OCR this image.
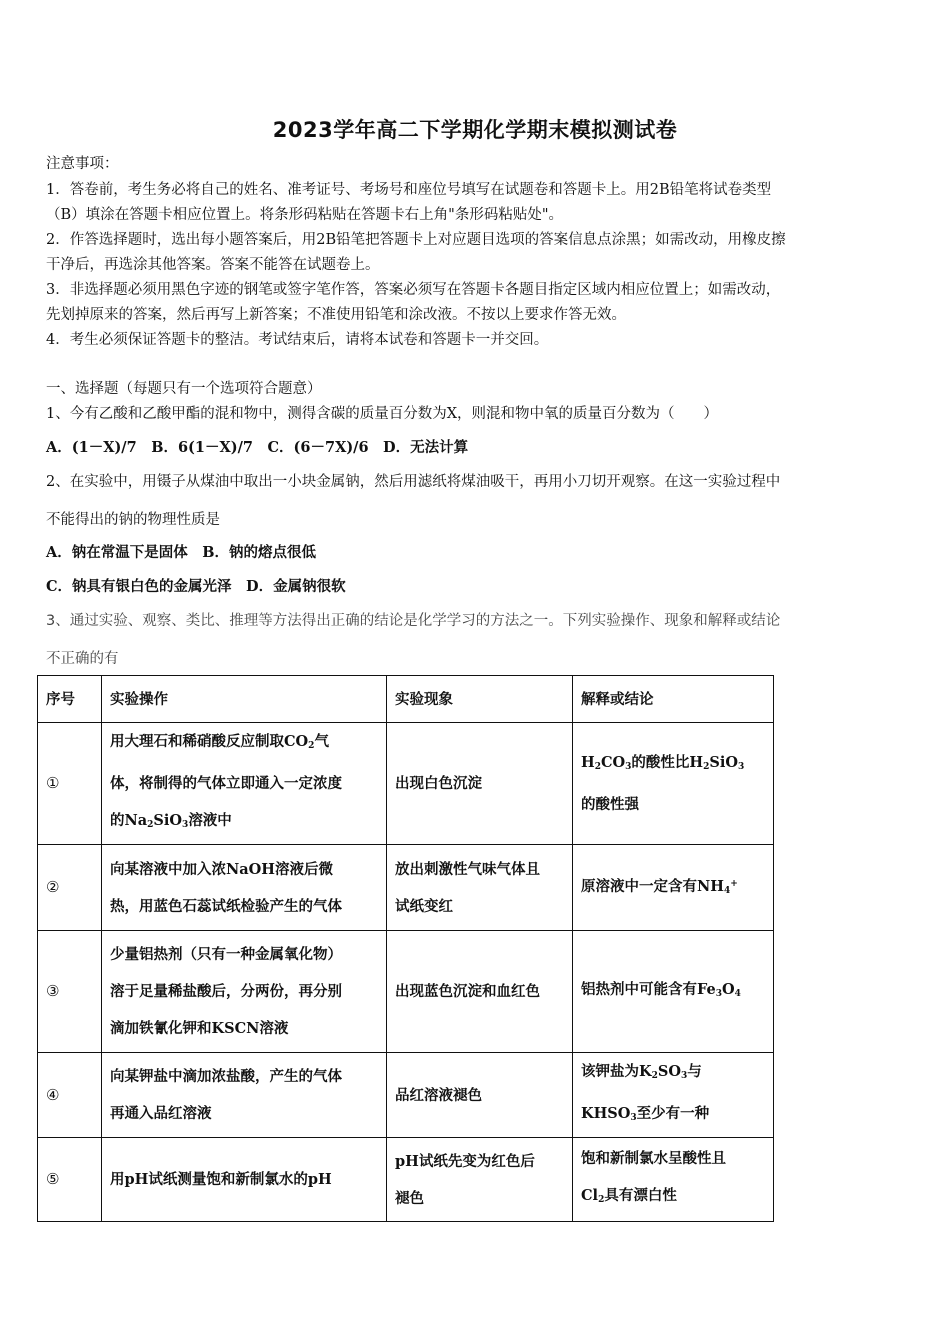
2023学年高二下学期化学期末模拟测试卷
注意事项：
1．答卷前，考生务必将自己的姓名、准考证号、考场号和座位号填写在试题卷和答题卡上。用2B铅笔将试卷类型
（B）填涂在答题卡相应位置上。将条形码粘贴在答题卡右上角"条形码粘贴处"。
2．作答选择题时，选出每小题答案后，用2B铅笔把答题卡上对应题目选项的答案信息点涂黑；如需改动，用橡皮擦
干净后，再选涂其他答案。答案不能答在试题卷上。
3．非选择题必须用黑色字迹的钢笔或签字笔作答，答案必须写在答题卡各题目指定区域内相应位置上；如需改动，
先划掉原来的答案，然后再写上新答案；不准使用铅笔和涂改液。不按以上要求作答无效。
4．考生必须保证答题卡的整洁。考试结束后，请将本试卷和答题卡一并交回。
一、选择题（每题只有一个选项符合题意）
1、今有乙酸和乙酸甲酯的混和物中，测得含碳的质量百分数为X，则混和物中氧的质量百分数为（　　）
A．(1－X)/7　B．6(1－X)/7　C．(6－7X)/6　D．无法计算
2、在实验中，用镊子从煤油中取出一小块金属钠，然后用滤纸将煤油吸干，再用小刀切开观察。在这一实验过程中
不能得出的钠的物理性质是
A．钠在常温下是固体　B．钠的熔点很低
C．钠具有银白色的金属光泽　D．金属钠很软
3、通过实验、观察、类比、推理等方法得出正确的结论是化学学习的方法之一。下列实验操作、现象和解释或结论
不正确的有
序号	实验操作	实验现象	解释或结论
①	用大理石和稀硝酸反应制取$CO_2$气
体，将制得的气体立即通入一定浓度
的$Na_2SiO_3$溶液中	出现白色沉淀	$H_2CO_3$的酸性比$H_2SiO_3$
的酸性强
②	向某溶液中加入浓NaOH溶液后微
热，用蓝色石蕊试纸检验产生的气体	放出刺激性气味气体且
试纸变红	原溶液中一定含有$NH_4^+$
③	少量铝热剂（只有一种金属氧化物）
溶于足量稀盐酸后，分两份，再分别
滴加铁氰化钾和KSCN溶液	出现蓝色沉淀和血红色	铝热剂中可能含有$Fe_3O_4$
④	向某钾盐中滴加浓盐酸，产生的气体
再通入品红溶液	品红溶液褪色	该钾盐为$K_2SO_3$与
$KHSO_3$至少有一种
⑤	用pH试纸测量饱和新制氯水的pH	pH试纸先变为红色后
褪色	饱和新制氯水呈酸性且
$Cl_2$具有漂白性
